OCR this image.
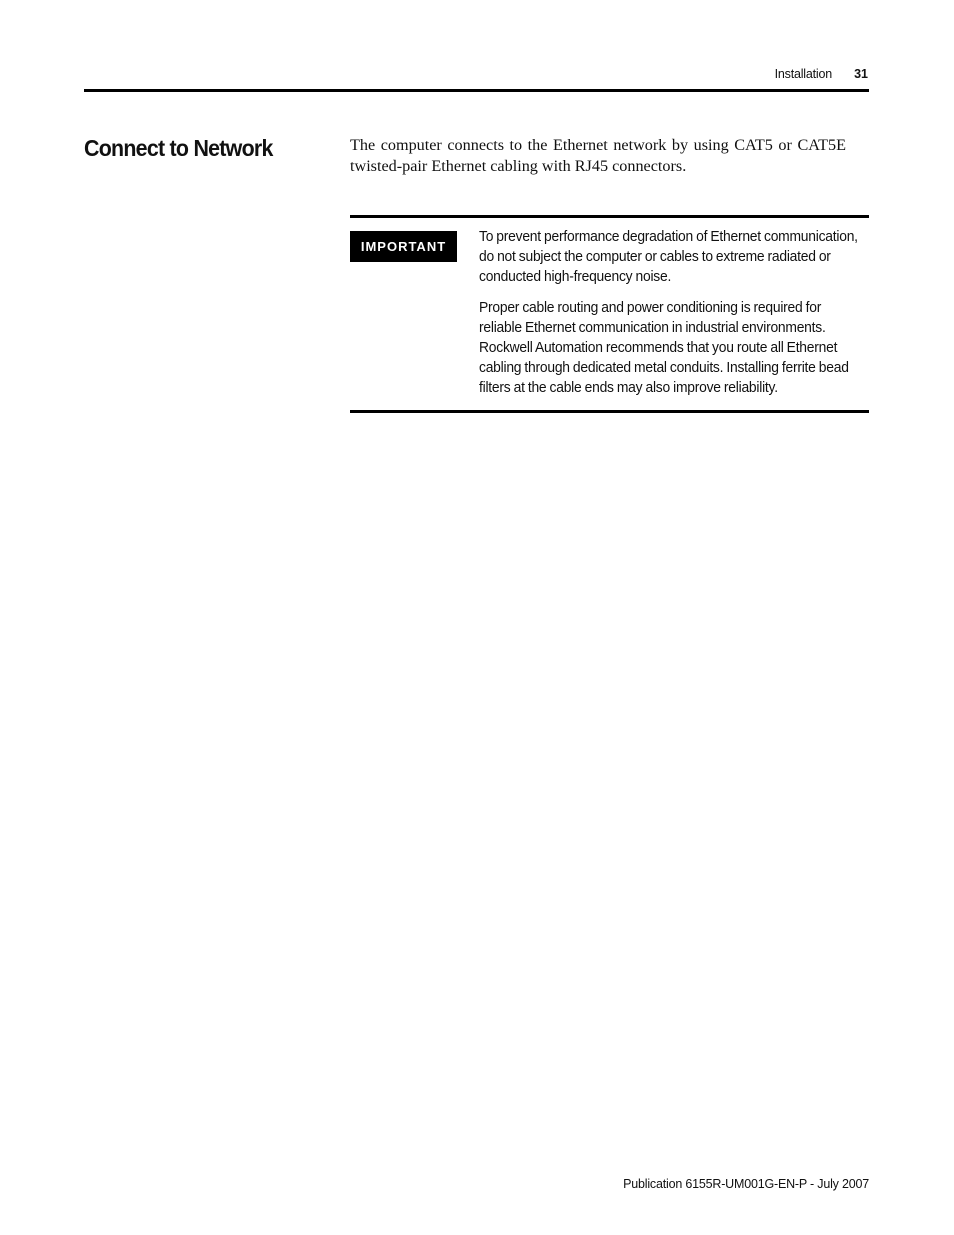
Installation 31
Connect to Network	The computer connects to the Ethernet network by using CAT5 or CAT5E twisted-pair Ethernet cabling with RJ45 connectors.

IMPORTANT

To prevent performance degradation of Ethernet communication, do not subject the computer or cables to extreme radiated or conducted high-frequency noise.

Proper cable routing and power conditioning is required for reliable Ethernet communication in industrial environments. Rockwell Automation recommends that you route all Ethernet cabling through dedicated metal conduits. Installing ferrite bead filters at the cable ends may also improve reliability.

Publication 6155R-UM001G-EN-P - July 2007
